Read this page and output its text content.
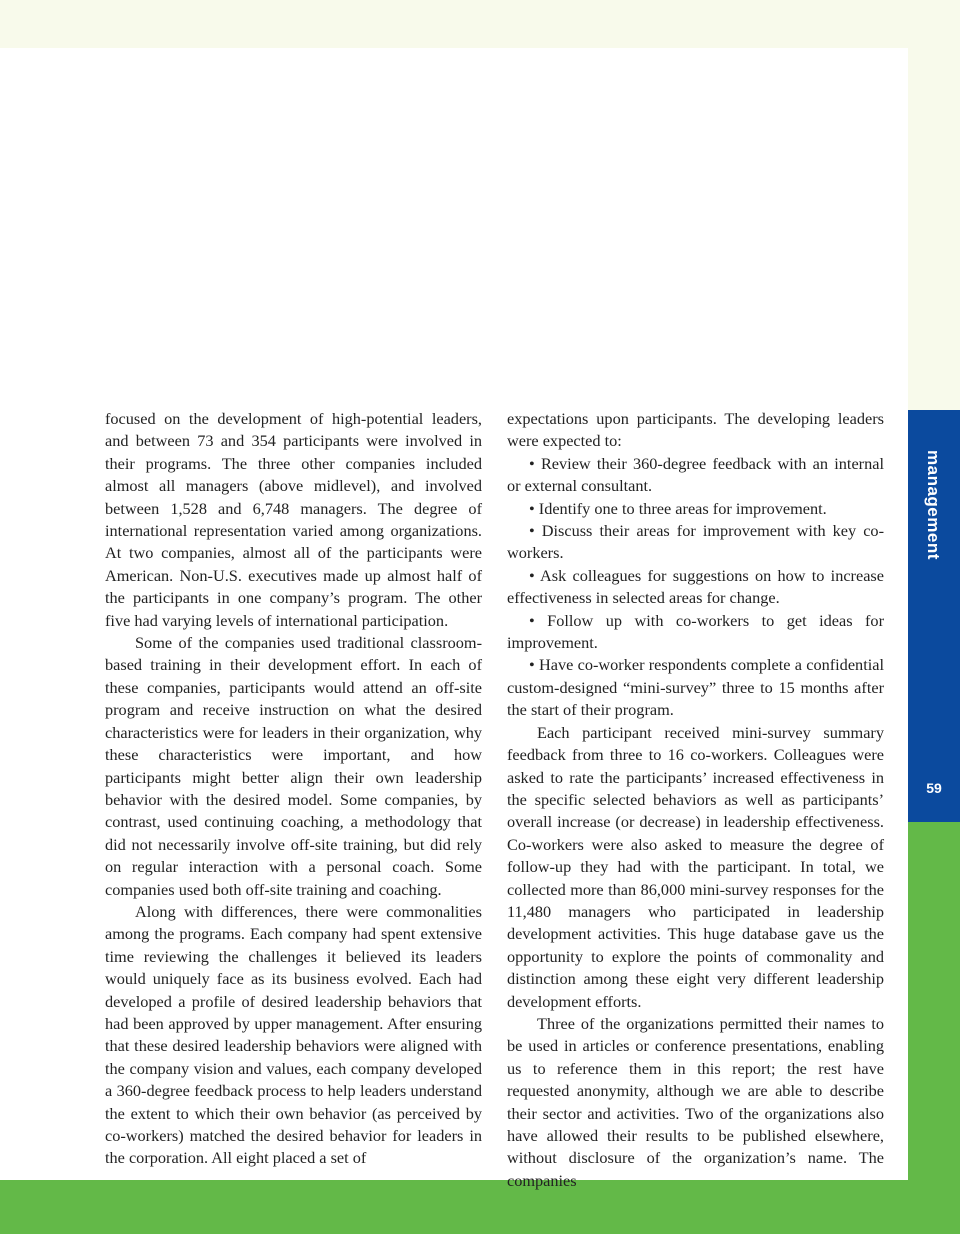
management
59

focused on the development of high-potential leaders, and between 73 and 354 participants were involved in their programs. The three other companies included almost all managers (above midlevel), and involved between 1,528 and 6,748 managers. The degree of international representation varied among organizations. At two companies, almost all of the participants were American. Non-U.S. executives made up almost half of the participants in one company’s program. The other five had varying levels of international participation.

Some of the companies used traditional classroom-based training in their development effort. In each of these companies, participants would attend an off-site program and receive instruction on what the desired characteristics were for leaders in their organization, why these characteristics were important, and how participants might better align their own leadership behavior with the desired model. Some companies, by contrast, used continuing coaching, a methodology that did not necessarily involve off-site training, but did rely on regular interaction with a personal coach. Some companies used both off-site training and coaching.

Along with differences, there were commonalities among the programs. Each company had spent extensive time reviewing the challenges it believed its leaders would uniquely face as its business evolved. Each had developed a profile of desired leadership behaviors that had been approved by upper management. After ensuring that these desired leadership behaviors were aligned with the company vision and values, each company developed a 360-degree feedback process to help leaders understand the extent to which their own behavior (as perceived by co-workers) matched the desired behavior for leaders in the corporation. All eight placed a set of

expectations upon participants. The developing leaders were expected to:

• Review their 360-degree feedback with an internal or external consultant.

• Identify one to three areas for improvement.

• Discuss their areas for improvement with key co-workers.

• Ask colleagues for suggestions on how to increase effectiveness in selected areas for change.

• Follow up with co-workers to get ideas for improvement.

• Have co-worker respondents complete a confidential custom-designed “mini-survey” three to 15 months after the start of their program.

Each participant received mini-survey summary feedback from three to 16 co-workers. Colleagues were asked to rate the participants’ increased effectiveness in the specific selected behaviors as well as participants’ overall increase (or decrease) in leadership effectiveness. Co-workers were also asked to measure the degree of follow-up they had with the participant. In total, we collected more than 86,000 mini-survey responses for the 11,480 managers who participated in leadership development activities. This huge database gave us the opportunity to explore the points of commonality and distinction among these eight very different leadership development efforts.

Three of the organizations permitted their names to be used in articles or conference presentations, enabling us to reference them in this report; the rest have requested anonymity, although we are able to describe their sector and activities. Two of the organizations also have allowed their results to be published elsewhere, without disclosure of the organization’s name. The companies
